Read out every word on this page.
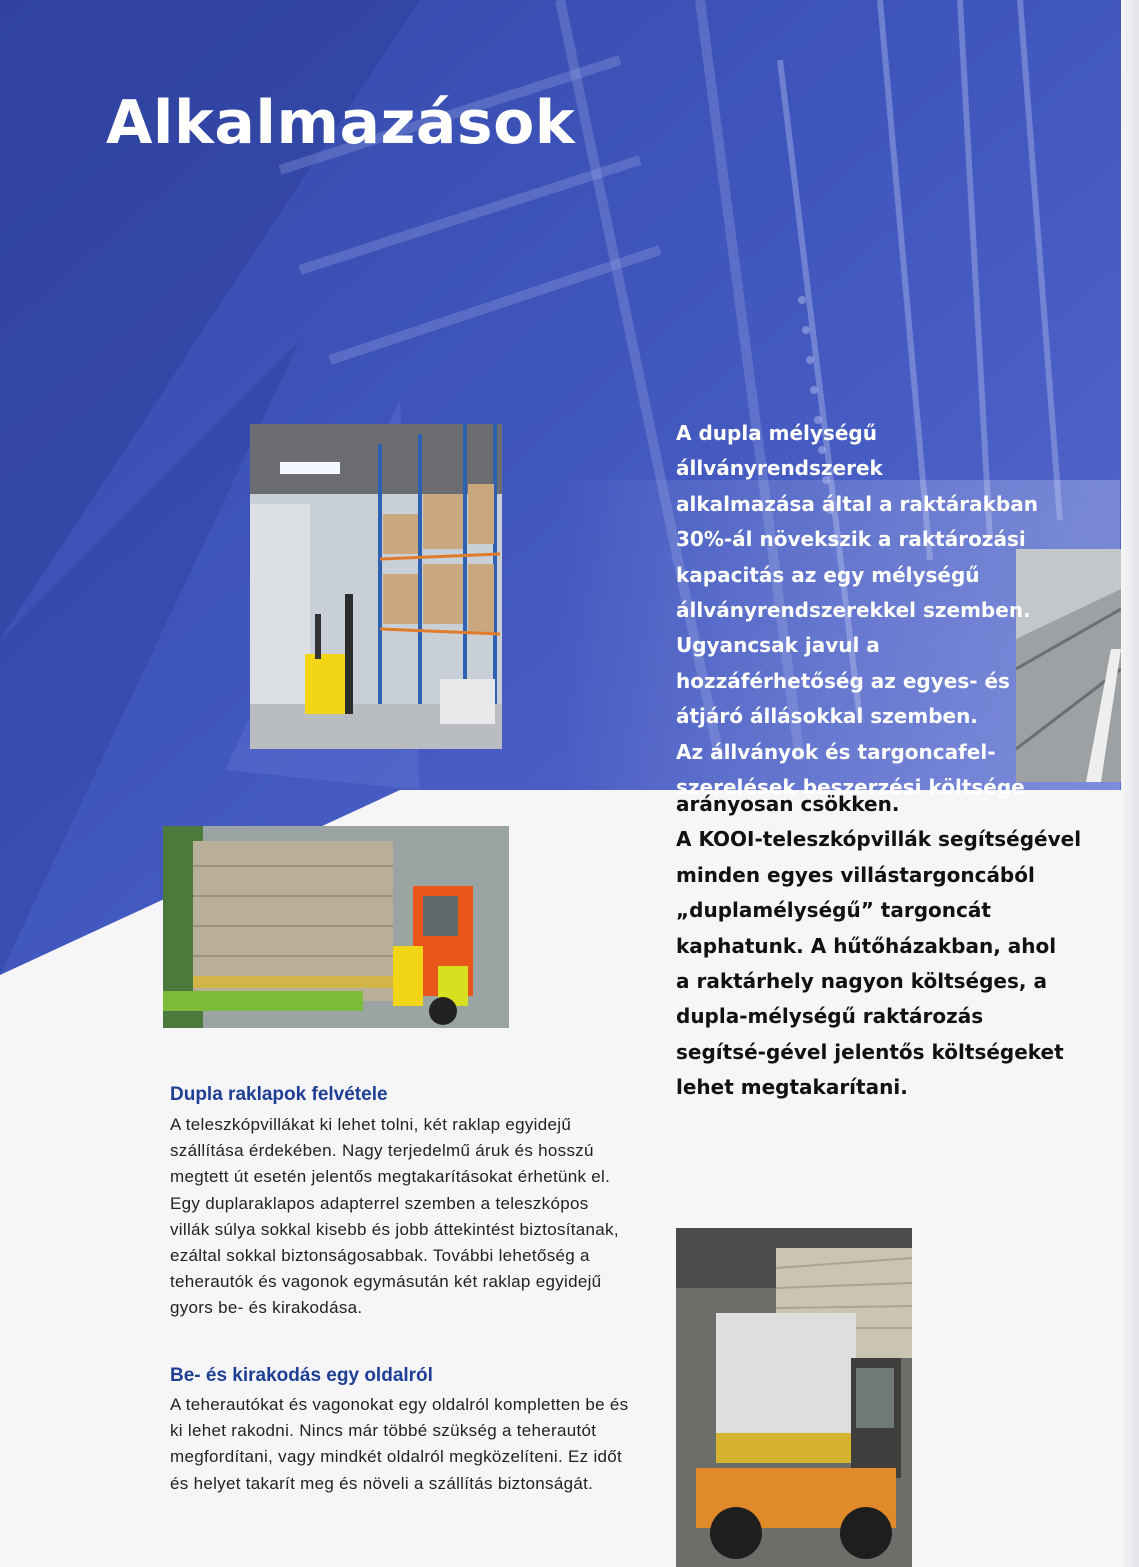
Alkalmazások

A dupla mélységű állványrendszerek
alkalmazása által a raktárakban
30%-ál növekszik a raktározási
kapacitás az egy mélységű
állványrendszerekkel szemben.
Ugyancsak javul a
hozzáférhetőség az egyes- és
átjáró állásokkal szemben.
Az állványok és targoncafel-
szerelések beszerzési költsége

arányosan csökken.
A KOOI-teleszkópvillák segítségével
minden egyes villástargoncából
„duplamélységű” targoncát
kaphatunk. A hűtőházakban, ahol
a raktárhely nagyon költséges, a
dupla-mélységű raktározás
segítsé-gével jelentős költségeket
lehet megtakarítani.

Dupla raklapok felvétele

A teleszkópvillákat ki lehet tolni, két raklap egyidejű
szállítása érdekében. Nagy terjedelmű áruk és hosszú
megtett út esetén jelentős megtakarításokat érhetünk el.
Egy duplaraklapos adapterrel szemben a teleszkópos
villák súlya sokkal kisebb és jobb áttekintést biztosítanak,
ezáltal sokkal biztonságosabbak. További lehetőség a
teherautók és vagonok egymásután két raklap egyidejű
gyors be- és kirakodása.

Be- és kirakodás egy oldalról

A teherautókat és vagonokat egy oldalról kompletten be és
ki lehet rakodni. Nincs már többé szükség a teherautót
megfordítani, vagy mindkét oldalról megközelíteni. Ez időt
és helyet takarít meg és növeli a szállítás biztonságát.
